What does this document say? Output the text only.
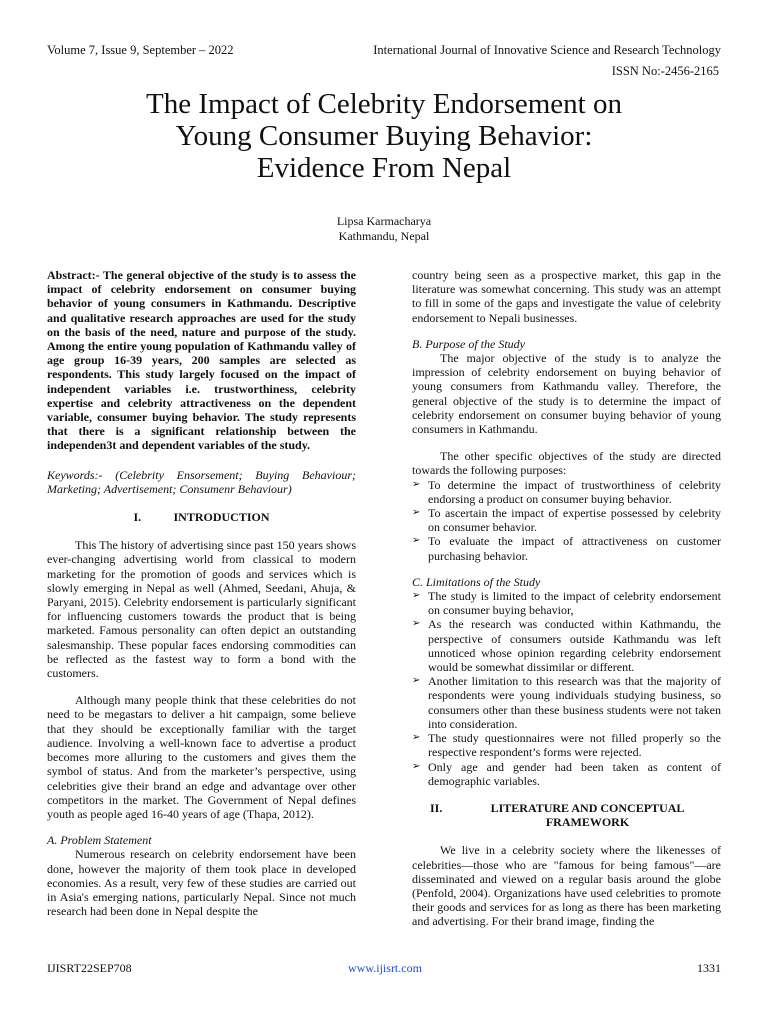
Volume 7, Issue 9, September – 2022	International Journal of Innovative Science and Research Technology
ISSN No:-2456-2165
The Impact of Celebrity Endorsement on
Young Consumer Buying Behavior:
Evidence From Nepal
Lipsa Karmacharya
Kathmandu, Nepal

Abstract:- The general objective of the study is to assess the impact of celebrity endorsement on consumer buying behavior of young consumers in Kathmandu. Descriptive and qualitative research approaches are used for the study on the basis of the need, nature and purpose of the study. Among the entire young population of Kathmandu valley of age group 16-39 years, 200 samples are selected as respondents. This study largely focused on the impact of independent variables i.e. trustworthiness, celebrity expertise and celebrity attractiveness on the dependent variable, consumer buying behavior. The study represents that there is a significant relationship between the independen3t and dependent variables of the study.

Keywords:- (Celebrity Ensorsement; Buying Behaviour; Marketing; Advertisement; Consumenr Behaviour)

I.	INTRODUCTION

This The history of advertising since past 150 years shows ever-changing advertising world from classical to modern marketing for the promotion of goods and services which is slowly emerging in Nepal as well (Ahmed, Seedani, Ahuja, & Paryani, 2015). Celebrity endorsement is particularly significant for influencing customers towards the product that is being marketed. Famous personality can often depict an outstanding salesmanship. These popular faces endorsing commodities can be reflected as the fastest way to form a bond with the customers.

Although many people think that these celebrities do not need to be megastars to deliver a hit campaign, some believe that they should be exceptionally familiar with the target audience. Involving a well-known face to advertise a product becomes more alluring to the customers and gives them the symbol of status. And from the marketer’s perspective, using celebrities give their brand an edge and advantage over other competitors in the market. The Government of Nepal defines youth as people aged 16-40 years of age (Thapa, 2012).

A. Problem Statement

Numerous research on celebrity endorsement have been done, however the majority of them took place in developed economies. As a result, very few of these studies are carried out in Asia's emerging nations, particularly Nepal. Since not much research had been done in Nepal despite the

country being seen as a prospective market, this gap in the literature was somewhat concerning. This study was an attempt to fill in some of the gaps and investigate the value of celebrity endorsement to Nepali businesses.

B. Purpose of the Study

The major objective of the study is to analyze the impression of celebrity endorsement on buying behavior of young consumers from Kathmandu valley. Therefore, the general objective of the study is to determine the impact of celebrity endorsement on consumer buying behavior of young consumers in Kathmandu.

The other specific objectives of the study are directed towards the following purposes:

➢ To determine the impact of trustworthiness of celebrity endorsing a product on consumer buying behavior.
➢ To ascertain the impact of expertise possessed by celebrity on consumer behavior.
➢ To evaluate the impact of attractiveness on customer purchasing behavior.
C. Limitations of the Study
➢ The study is limited to the impact of celebrity endorsement on consumer buying behavior,
➢ As the research was conducted within Kathmandu, the perspective of consumers outside Kathmandu was left unnoticed whose opinion regarding celebrity endorsement would be somewhat dissimilar or different.
➢ Another limitation to this research was that the majority of respondents were young individuals studying business, so consumers other than these business students were not taken into consideration.
➢ The study questionnaires were not filled properly so the respective respondent’s forms were rejected.
➢ Only age and gender had been taken as content of demographic variables.
II.	LITERATURE AND CONCEPTUAL FRAMEWORK

We live in a celebrity society where the likenesses of celebrities—those who are "famous for being famous"—are disseminated and viewed on a regular basis around the globe (Penfold, 2004). Organizations have used celebrities to promote their goods and services for as long as there has been marketing and advertising. For their brand image, finding the

IJISRT22SEP708	www.ijisrt.com	1331
